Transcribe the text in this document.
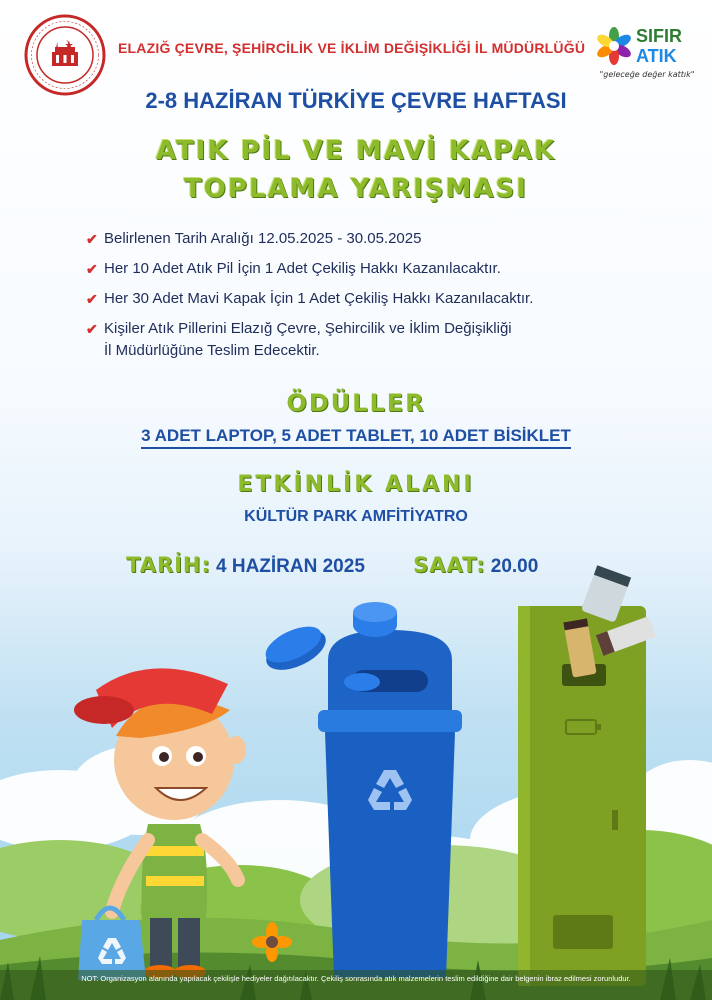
ELAZIĞ ÇEVRE, ŞEHİRCİLİK VE İKLİM DEĞİŞİKLİĞİ İL MÜDÜRLÜĞÜ
SIFIR
ATIK
"geleceğe değer kattık"
2-8 HAZİRAN TÜRKİYE ÇEVRE HAFTASI
ATIK PİL VE MAVİ KAPAK
TOPLAMA YARIŞMASI
✔ Belirlenen Tarih Aralığı 12.05.2025 - 30.05.2025
✔ Her 10 Adet Atık Pil İçin 1 Adet Çekiliş Hakkı Kazanılacaktır.
✔ Her 30 Adet Mavi Kapak İçin 1 Adet Çekiliş Hakkı Kazanılacaktır.
✔ Kişiler Atık Pillerini Elazığ Çevre, Şehircilik ve İklim Değişikliği
İl Müdürlüğüne Teslim Edecektir.
ÖDÜLLER
3 ADET LAPTOP, 5 ADET TABLET, 10 ADET BİSİKLET
ETKİNLİK ALANI
KÜLTÜR PARK AMFİTİYATRO
TARİH: 4 HAZİRAN 2025 SAAT: 20.00
NOT: Organizasyon alanında yapılacak çekilişle hediyeler dağıtılacaktır. Çekiliş sonrasında atık malzemelerin teslim edildiğine dair belgenin ibraz edilmesi zorunludur.
